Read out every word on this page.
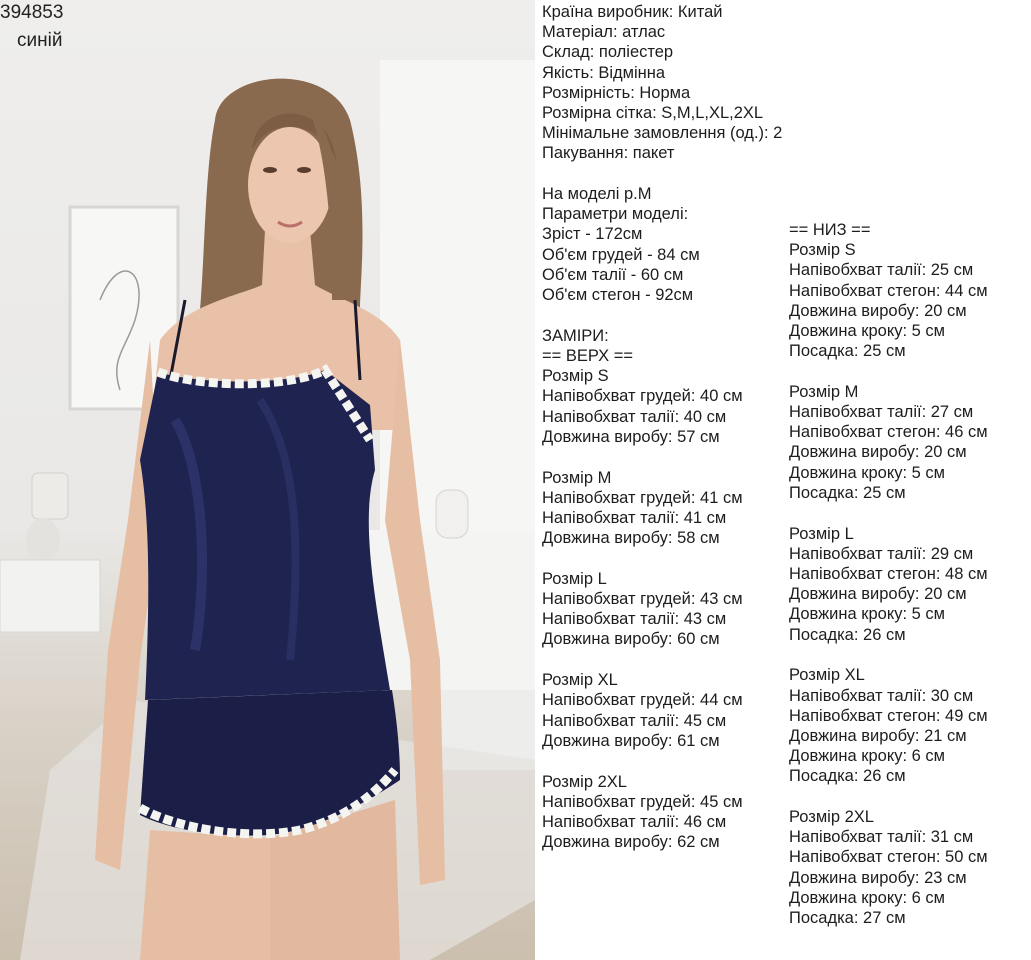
394853
синій
Країна виробник: Китай
Матеріал: атлас
Склад: поліестер
Якість: Відмінна
Розмірність: Норма
Розмірна сітка: S,M,L,XL,2XL
Мінімальне замовлення (од.): 2
Пакування: пакет
На моделі р.M
Параметри моделі:
Зріст - 172см
Об'єм грудей - 84 см
Об'єм талії - 60 см
Об'єм стегон - 92см
ЗАМІРИ:
== ВЕРХ ==
Розмір S
Напівобхват грудей: 40 см
Напівобхват талії: 40 см
Довжина виробу: 57 см
Розмір M
Напівобхват грудей: 41 см
Напівобхват талії: 41 см
Довжина виробу: 58 см
Розмір L
Напівобхват грудей: 43 см
Напівобхват талії: 43 см
Довжина виробу: 60 см
Розмір XL
Напівобхват грудей: 44 см
Напівобхват талії: 45 см
Довжина виробу: 61 см
Розмір 2XL
Напівобхват грудей: 45 см
Напівобхват талії: 46 см
Довжина виробу: 62 см
== НИЗ ==
Розмір S
Напівобхват талії: 25 см
Напівобхват стегон: 44 см
Довжина виробу: 20 см
Довжина кроку: 5 см
Посадка: 25 см
Розмір M
Напівобхват талії: 27 см
Напівобхват стегон: 46 см
Довжина виробу: 20 см
Довжина кроку: 5 см
Посадка: 25 см
Розмір L
Напівобхват талії: 29 см
Напівобхват стегон: 48 см
Довжина виробу: 20 см
Довжина кроку: 5 см
Посадка: 26 см
Розмір XL
Напівобхват талії: 30 см
Напівобхват стегон: 49 см
Довжина виробу: 21 см
Довжина кроку: 6 см
Посадка: 26 см
Розмір 2XL
Напівобхват талії: 31 см
Напівобхват стегон: 50 см
Довжина виробу: 23 см
Довжина кроку: 6 см
Посадка: 27 см
